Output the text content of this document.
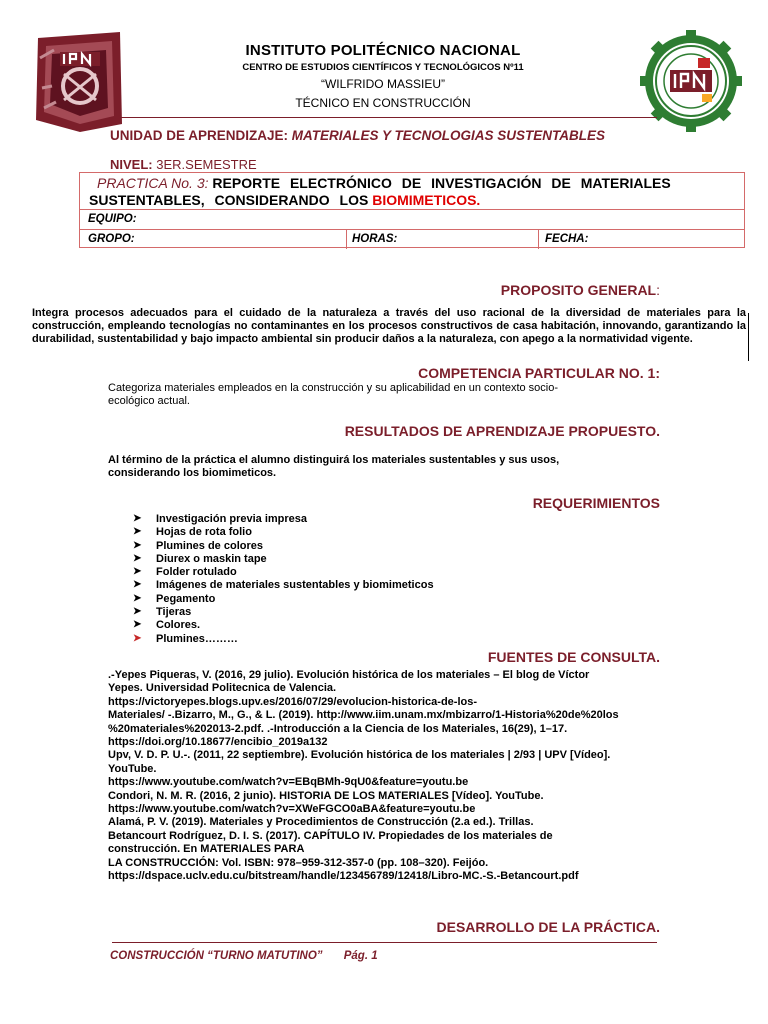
INSTITUTO POLITÉCNICO NACIONAL
CENTRO DE ESTUDIOS CIENTÍFICOS Y TECNOLÓGICOS Nº11
“WILFRIDO MASSIEU”
TÉCNICO EN CONSTRUCCIÓN
UNIDAD DE APRENDIZAJE: MATERIALES Y TECNOLOGIAS SUSTENTABLES
NIVEL: 3ER.SEMESTRE
PRACTICA No. 3: REPORTE ELECTRÓNICO DE INVESTIGACIÓN DE MATERIALES SUSTENTABLES, CONSIDERANDO LOS BIOMIMETICOS.
EQUIPO:
GROPO:	HORAS:	FECHA:
PROPOSITO GENERAL:
Integra procesos adecuados para el cuidado de la naturaleza a través del uso racional de la diversidad de materiales para la construcción, empleando tecnologías no contaminantes en los procesos constructivos de casa habitación, innovando, garantizando la durabilidad, sustentabilidad y bajo impacto ambiental sin producir daños a la naturaleza, con apego a la normatividad vigente.
COMPETENCIA PARTICULAR NO. 1:
Categoriza materiales empleados en la construcción y su aplicabilidad en un contexto socio-
ecológico actual.
RESULTADOS DE APRENDIZAJE PROPUESTO.
Al término de la práctica el alumno distinguirá los materiales sustentables y sus usos,
considerando los biomimeticos.
REQUERIMIENTOS
➤ Investigación previa impresa
➤ Hojas de rota folio
➤ Plumines de colores
➤ Diurex o maskin tape
➤ Folder rotulado
➤ Imágenes de materiales sustentables y biomimeticos
➤ Pegamento
➤ Tijeras
➤ Colores.
➤ Plumines………
FUENTES DE CONSULTA.
.-Yepes Piqueras, V. (2016, 29 julio). Evolución histórica de los materiales – El blog de Víctor
Yepes. Universidad Politecnica de Valencia.
https://victoryepes.blogs.upv.es/2016/07/29/evolucion-historica-de-los-
Materiales/ -.Bizarro, M., G., & L. (2019). http://www.iim.unam.mx/mbizarro/1-Historia%20de%20los
%20materiales%202013-2.pdf. .-Introducción a la Ciencia de los Materiales, 16(29), 1–17.
https://doi.org/10.18677/encibio_2019a132
Upv, V. D. P. U.-. (2011, 22 septiembre). Evolución histórica de los materiales | 2/93 | UPV [Vídeo].
YouTube.
https://www.youtube.com/watch?v=EBqBMh-9qU0&feature=youtu.be
Condori, N. M. R. (2016, 2 junio). HISTORIA DE LOS MATERIALES [Vídeo]. YouTube.
https://www.youtube.com/watch?v=XWeFGCO0aBA&feature=youtu.be
Alamá, P. V. (2019). Materiales y Procedimientos de Construcción (2.a ed.). Trillas.
Betancourt Rodríguez, D. I. S. (2017). CAPÍTULO IV. Propiedades de los materiales de
construcción. En MATERIALES PARA
LA CONSTRUCCIÓN: Vol. ISBN: 978–959-312-357-0 (pp. 108–320). Feijóo.
https://dspace.uclv.edu.cu/bitstream/handle/123456789/12418/Libro-MC.-S.-Betancourt.pdf
DESARROLLO DE LA PRÁCTICA.
CONSTRUCCIÓN “TURNO MATUTINO” Pág. 1
